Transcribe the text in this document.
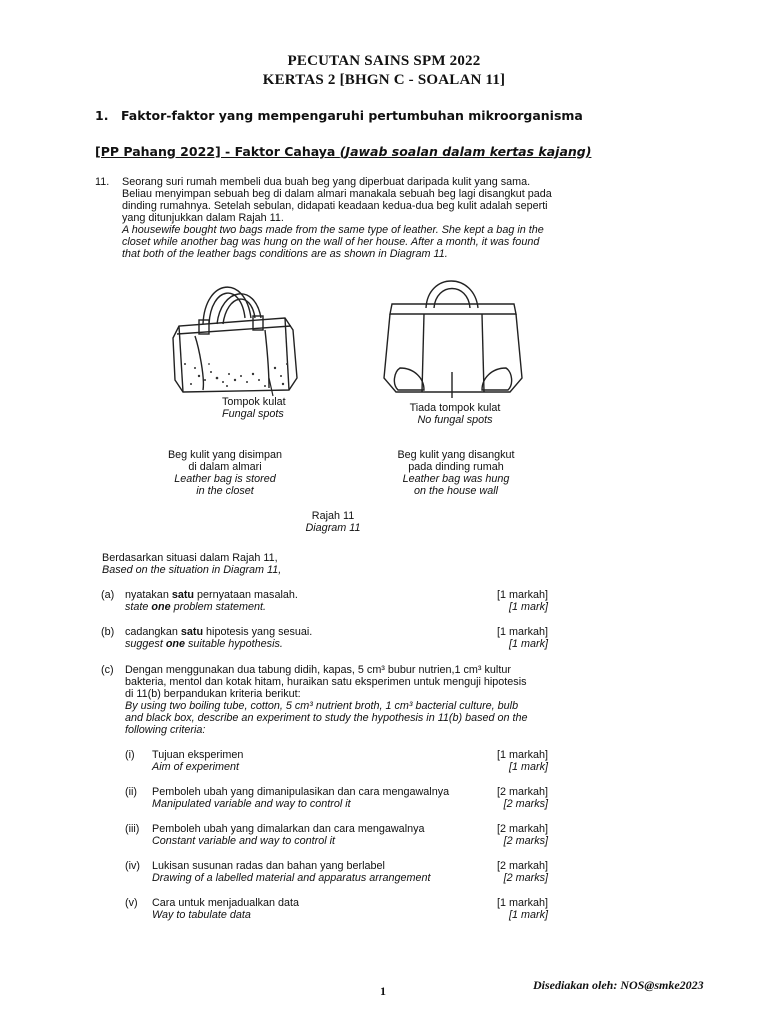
PECUTAN SAINS SPM 2022
KERTAS 2 [BHGN C - SOALAN 11]
1. Faktor-faktor yang mempengaruhi pertumbuhan mikroorganisma
[PP Pahang 2022] - Faktor Cahaya (Jawab soalan dalam kertas kajang)
11. Seorang suri rumah membeli dua buah beg yang diperbuat daripada kulit yang sama.
Beliau menyimpan sebuah beg di dalam almari manakala sebuah beg lagi disangkut pada
dinding rumahnya. Setelah sebulan, didapati keadaan kedua-dua beg kulit adalah seperti
yang ditunjukkan dalam Rajah 11.
A housewife bought two bags made from the same type of leather. She kept a bag in the
closet while another bag was hung on the wall of her house. After a month, it was found
that both of the leather bags conditions are as shown in Diagram 11.
Tompok kulat
Fungal spots	Tiada tompok kulat
No fungal spots
Beg kulit yang disimpan
di dalam almari
Leather bag is stored
in the closet
Beg kulit yang disangkut
pada dinding rumah
Leather bag was hung
on the house wall
Rajah 11
Diagram 11
Berdasarkan situasi dalam Rajah 11,
Based on the situation in Diagram 11,
(a) nyatakan satu pernyataan masalah.
state one problem statement.
[1 markah]
[1 mark]
(b) cadangkan satu hipotesis yang sesuai.
suggest one suitable hypothesis.
[1 markah]
[1 mark]
(c) Dengan menggunakan dua tabung didih, kapas, 5 cm³ bubur nutrien,1 cm³ kultur
bakteria, mentol dan kotak hitam, huraikan satu eksperimen untuk menguji hipotesis
di 11(b) berpandukan kriteria berikut:
By using two boiling tube, cotton, 5 cm³ nutrient broth, 1 cm³ bacterial culture, bulb
and black box, describe an experiment to study the hypothesis in 11(b) based on the
following criteria:
(i) Tujuan eksperimen
Aim of experiment
[1 markah]
[1 mark]
(ii) Pemboleh ubah yang dimanipulasikan dan cara mengawalnya
Manipulated variable and way to control it
[2 markah]
[2 marks]
(iii) Pemboleh ubah yang dimalarkan dan cara mengawalnya
Constant variable and way to control it
[2 markah]
[2 marks]
(iv) Lukisan susunan radas dan bahan yang berlabel
Drawing of a labelled material and apparatus arrangement
[2 markah]
[2 marks]
(v) Cara untuk menjadualkan data
Way to tabulate data
[1 markah]
[1 mark]
1	Disediakan oleh: NOS@smke2023
